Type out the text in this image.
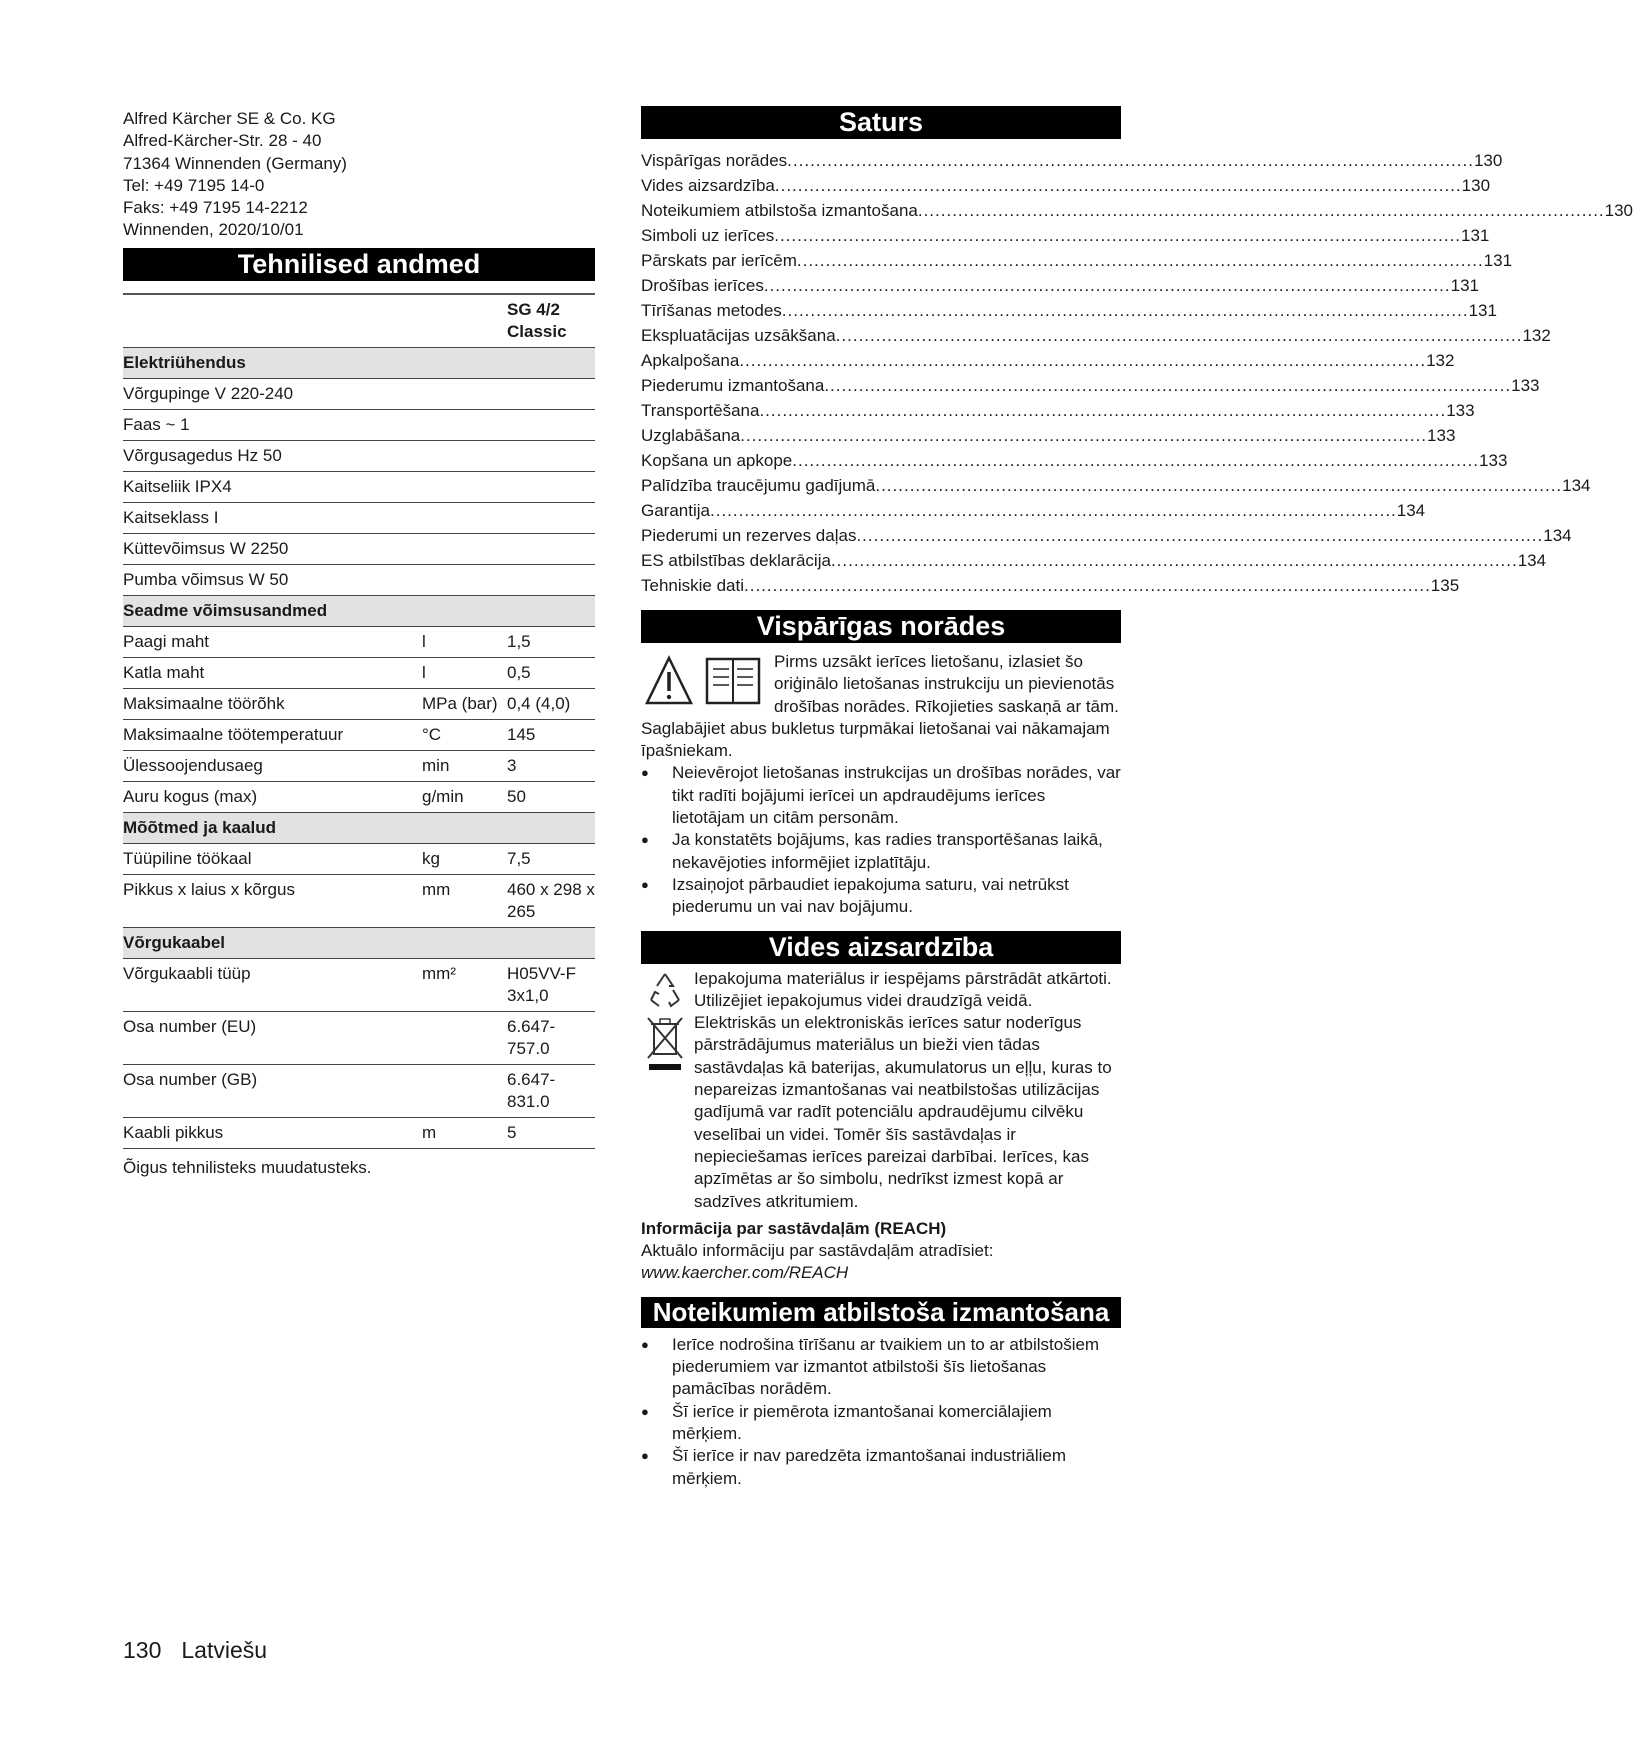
Alfred Kärcher SE & Co. KG
Alfred-Kärcher-Str. 28 - 40
71364 Winnenden (Germany)
Tel: +49 7195 14-0
Faks: +49 7195 14-2212
Winnenden, 2020/10/01
Tehnilised andmed
		SG 4/2 Classic
Elektriühendus		
Võrgupinge V 220-240		
Faas ~ 1		
Võrgusagedus Hz 50		
Kaitseliik IPX4		
Kaitseklass I		
Küttevõimsus W 2250		
Pumba võimsus W 50		
Seadme võimsusandmed		
Paagi maht	l	1,5
Katla maht	l	0,5
Maksimaalne töörõhk	MPa (bar)	0,4 (4,0)
Maksimaalne töötemperatuur	°C	145
Ülessoojendusaeg	min	3
Auru kogus (max)	g/min	50
Mõõtmed ja kaalud		
Tüüpiline töökaal	kg	7,5
Pikkus x laius x kõrgus	mm	460 x 298 x 265
Võrgukaabel		
Võrgukaabli tüüp	mm²	H05VV-F 3x1,0
Osa number (EU)		6.647-757.0
Osa number (GB)		6.647-831.0
Kaabli pikkus	m	5
Õigus tehnilisteks muudatusteks.
Saturs
Vispārīgas norādes ........................................................................................................................ 130
Vides aizsardzība ........................................................................................................................ 130
Noteikumiem atbilstoša izmantošana ........................................................................................................................ 130
Simboli uz ierīces ........................................................................................................................ 131
Pārskats par ierīcēm ........................................................................................................................ 131
Drošības ierīces ........................................................................................................................ 131
Tīrīšanas metodes ........................................................................................................................ 131
Ekspluatācijas uzsākšana ........................................................................................................................ 132
Apkalpošana ........................................................................................................................ 132
Piederumu izmantošana ........................................................................................................................ 133
Transportēšana ........................................................................................................................ 133
Uzglabāšana ........................................................................................................................ 133
Kopšana un apkope ........................................................................................................................ 133
Palīdzība traucējumu gadījumā ........................................................................................................................ 134
Garantija ........................................................................................................................ 134
Piederumi un rezerves daļas ........................................................................................................................ 134
ES atbilstības deklarācija ........................................................................................................................ 134
Tehniskie dati ........................................................................................................................ 135
Vispārīgas norādes
Pirms uzsākt ierīces lietošanu, izlasiet šo oriģinālo lietošanas instrukciju un pievienotās drošības norādes. Rīkojieties saskaņā ar tām.
Saglabājiet abus bukletus turpmākai lietošanai vai nākamajam īpašniekam.
● Neievērojot lietošanas instrukcijas un drošības norādes, var tikt radīti bojājumi ierīcei un apdraudējums ierīces lietotājam un citām personām.
● Ja konstatēts bojājums, kas radies transportēšanas laikā, nekavējoties informējiet izplatītāju.
● Izsaiņojot pārbaudiet iepakojuma saturu, vai netrūkst piederumu un vai nav bojājumu.
Vides aizsardzība
Iepakojuma materiālus ir iespējams pārstrādāt atkārtoti. Utilizējiet iepakojumus videi draudzīgā veidā.
Elektriskās un elektroniskās ierīces satur noderīgus pārstrādājumus materiālus un bieži vien tādas sastāvdaļas kā baterijas, akumulatorus un eļļu, kuras to nepareizas izmantošanas vai neatbilstošas utilizācijas gadījumā var radīt potenciālu apdraudējumu cilvēku veselībai un videi. Tomēr šīs sastāvdaļas ir nepieciešamas ierīces pareizai darbībai. Ierīces, kas apzīmētas ar šo simbolu, nedrīkst izmest kopā ar sadzīves atkritumiem.
Informācija par sastāvdaļām (REACH)
Aktuālo informāciju par sastāvdaļām atradīsiet:
www.kaercher.com/REACH
Noteikumiem atbilstoša izmantošana
● Ierīce nodrošina tīrīšanu ar tvaikiem un to ar atbilstošiem piederumiem var izmantot atbilstoši šīs lietošanas pamācības norādēm.
● Šī ierīce ir piemērota izmantošanai komerciālajiem mērķiem.
● Šī ierīce ir nav paredzēta izmantošanai industriāliem mērķiem.
130 Latviešu
